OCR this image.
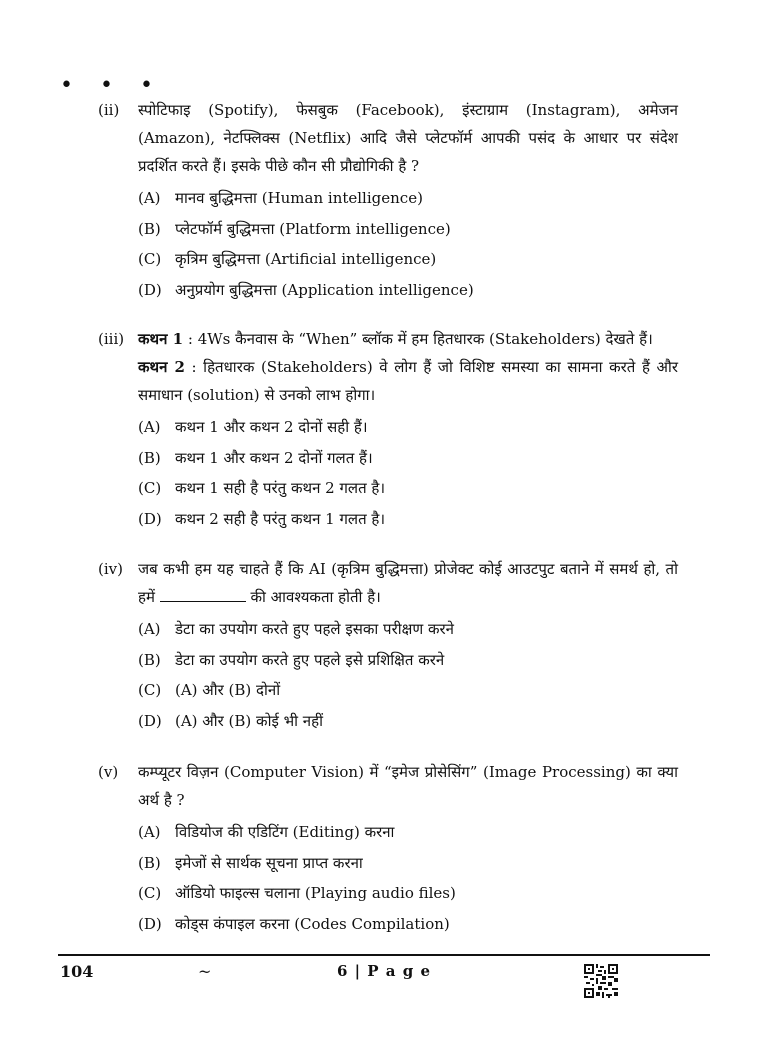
• • •
(ii) स्पोटिफाइ (Spotify), फेसबुक (Facebook), इंस्टाग्राम (Instagram), अमेजन (Amazon), नेटफ्लिक्स (Netflix) आदि जैसे प्लेटफॉर्म आपकी पसंद के आधार पर संदेश प्रदर्शित करते हैं। इसके पीछे कौन सी प्रौद्योगिकी है ?

(A) मानव बुद्धिमत्ता (Human intelligence)
(B) प्लेटफॉर्म बुद्धिमत्ता (Platform intelligence)
(C) कृत्रिम बुद्धिमत्ता (Artificial intelligence)
(D) अनुप्रयोग बुद्धिमत्ता (Application intelligence)
(iii) कथन 1 : 4Ws कैनवास के “When” ब्लॉक में हम हितधारक (Stakeholders) देखते हैं।

कथन 2 : हितधारक (Stakeholders) वे लोग हैं जो विशिष्ट समस्या का सामना करते हैं और समाधान (solution) से उनको लाभ होगा।

(A) कथन 1 और कथन 2 दोनों सही हैं।
(B) कथन 1 और कथन 2 दोनों गलत हैं।
(C) कथन 1 सही है परंतु कथन 2 गलत है।
(D) कथन 2 सही है परंतु कथन 1 गलत है।
(iv) जब कभी हम यह चाहते हैं कि AI (कृत्रिम बुद्धिमत्ता) प्रोजेक्ट कोई आउटपुट बताने में समर्थ हो, तो हमें	की आवश्यकता होती है।

(A) डेटा का उपयोग करते हुए पहले इसका परीक्षण करने
(B) डेटा का उपयोग करते हुए पहले इसे प्रशिक्षित करने
(C) (A) और (B) दोनों
(D) (A) और (B) कोई भी नहीं
(v) कम्प्यूटर विज़न (Computer Vision) में “इमेज प्रोसेसिंग” (Image Processing) का क्या अर्थ है ?

(A) विडियोज की एडिटिंग (Editing) करना
(B) इमेजों से सार्थक सूचना प्राप्त करना
(C) ऑडियो फाइल्स चलाना (Playing audio files)
(D) कोड्स कंपाइल करना (Codes Compilation)
104	~	6 | P a g e
